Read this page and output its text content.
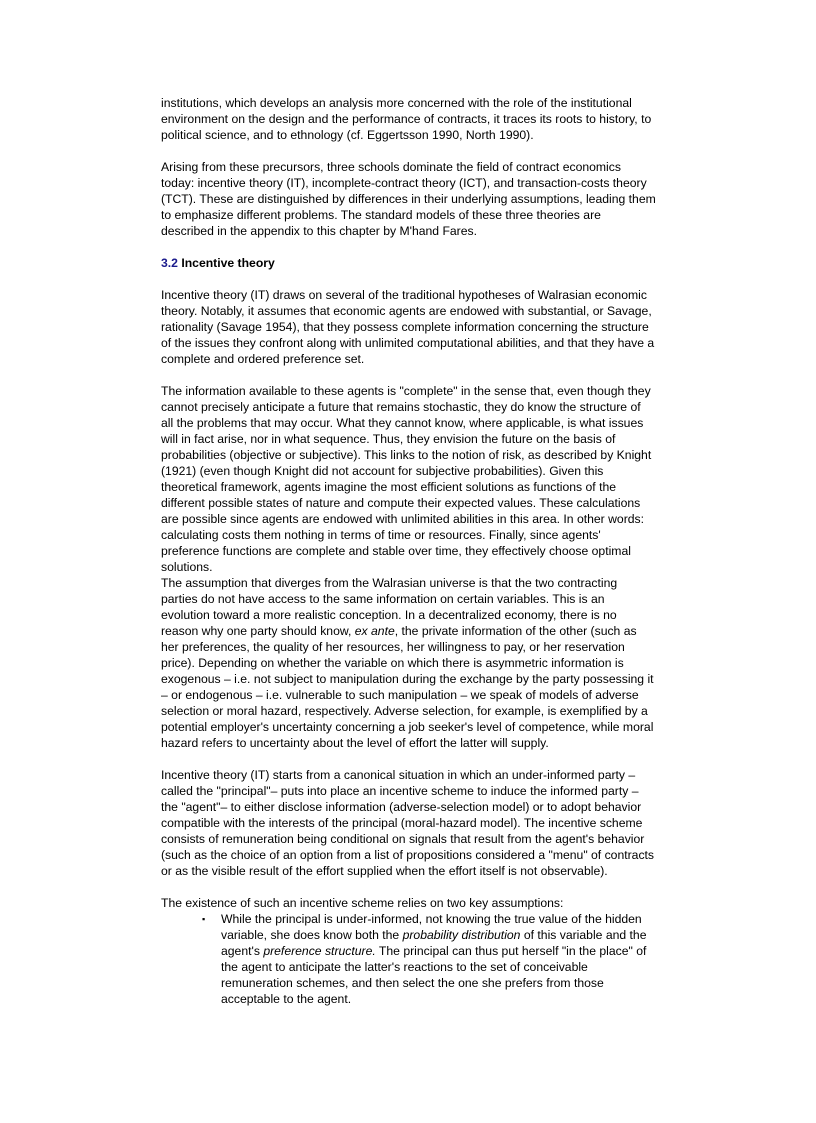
institutions, which develops an analysis more concerned with the role of the institutional environment on the design and the performance of contracts, it traces its roots to history, to political science, and to ethnology (cf. Eggertsson 1990, North 1990).

Arising from these precursors, three schools dominate the field of contract economics today: incentive theory (IT), incomplete-contract theory (ICT), and transaction-costs theory (TCT). These are distinguished by differences in their underlying assumptions, leading them to emphasize different problems. The standard models of these three theories are described in the appendix to this chapter by M'hand Fares.

3.2 Incentive theory

Incentive theory (IT) draws on several of the traditional hypotheses of Walrasian economic theory. Notably, it assumes that economic agents are endowed with substantial, or Savage, rationality (Savage 1954), that they possess complete information concerning the structure of the issues they confront along with unlimited computational abilities, and that they have a complete and ordered preference set.

The information available to these agents is "complete" in the sense that, even though they cannot precisely anticipate a future that remains stochastic, they do know the structure of all the problems that may occur. What they cannot know, where applicable, is what issues will in fact arise, nor in what sequence. Thus, they envision the future on the basis of probabilities (objective or subjective). This links to the notion of risk, as described by Knight (1921) (even though Knight did not account for subjective probabilities). Given this theoretical framework, agents imagine the most efficient solutions as functions of the different possible states of nature and compute their expected values. These calculations are possible since agents are endowed with unlimited abilities in this area. In other words: calculating costs them nothing in terms of time or resources. Finally, since agents' preference functions are complete and stable over time, they effectively choose optimal solutions.

The assumption that diverges from the Walrasian universe is that the two contracting parties do not have access to the same information on certain variables. This is an evolution toward a more realistic conception. In a decentralized economy, there is no reason why one party should know, ex ante, the private information of the other (such as her preferences, the quality of her resources, her willingness to pay, or her reservation price). Depending on whether the variable on which there is asymmetric information is exogenous – i.e. not subject to manipulation during the exchange by the party possessing it – or endogenous – i.e. vulnerable to such manipulation – we speak of models of adverse selection or moral hazard, respectively. Adverse selection, for example, is exemplified by a potential employer's uncertainty concerning a job seeker's level of competence, while moral hazard refers to uncertainty about the level of effort the latter will supply.

Incentive theory (IT) starts from a canonical situation in which an under-informed party – called the "principal"– puts into place an incentive scheme to induce the informed party – the "agent"– to either disclose information (adverse-selection model) or to adopt behavior compatible with the interests of the principal (moral-hazard model). The incentive scheme consists of remuneration being conditional on signals that result from the agent's behavior (such as the choice of an option from a list of propositions considered a "menu" of contracts or as the visible result of the effort supplied when the effort itself is not observable).

The existence of such an incentive scheme relies on two key assumptions:

▪ While the principal is under-informed, not knowing the true value of the hidden variable, she does know both the probability distribution of this variable and the agent's preference structure. The principal can thus put herself "in the place" of the agent to anticipate the latter's reactions to the set of conceivable remuneration schemes, and then select the one she prefers from those acceptable to the agent.
